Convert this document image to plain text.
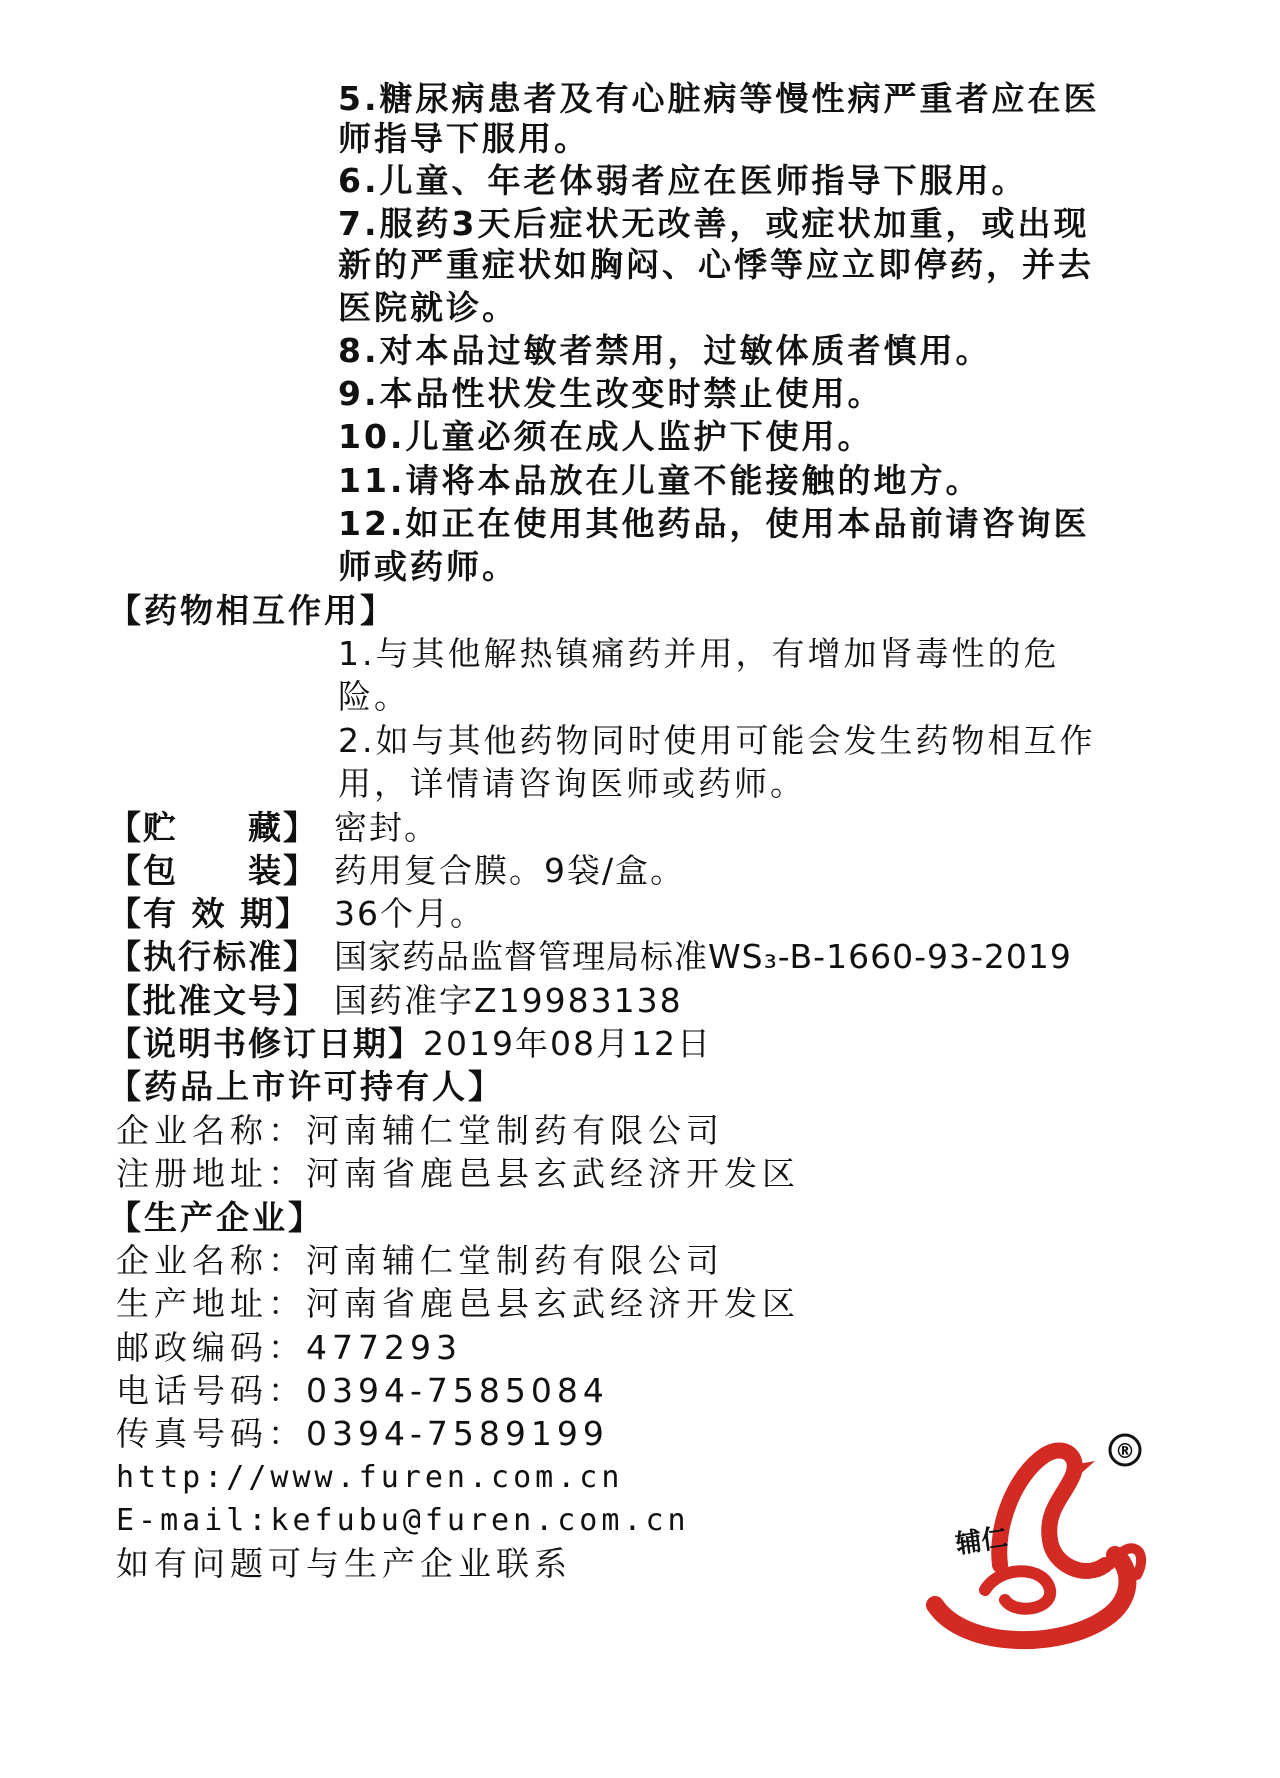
5.糖尿病患者及有心脏病等慢性病严重者应在医
师指导下服用。
6.儿童、年老体弱者应在医师指导下服用。
7.服药3天后症状无改善，或症状加重，或出现
新的严重症状如胸闷、心悸等应立即停药，并去
医院就诊。
8.对本品过敏者禁用，过敏体质者慎用。
9.本品性状发生改变时禁止使用。
10.儿童必须在成人监护下使用。
11.请将本品放在儿童不能接触的地方。
12.如正在使用其他药品，使用本品前请咨询医
师或药师。
【药物相互作用】
1.与其他解热镇痛药并用，有增加肾毒性的危
险。
2.如与其他药物同时使用可能会发生药物相互作
用，详情请咨询医师或药师。
【贮　　藏】 密封。
【包　　装】 药用复合膜。9袋/盒。
【有 效 期】 36个月。
【执行标准】 国家药品监督管理局标准WS₃-B-1660-93-2019
【批准文号】 国药准字Z19983138
【说明书修订日期】2019年08月12日
【药品上市许可持有人】
企业名称：河南辅仁堂制药有限公司
注册地址：河南省鹿邑县玄武经济开发区
【生产企业】
企业名称：河南辅仁堂制药有限公司
生产地址：河南省鹿邑县玄武经济开发区
邮政编码：477293
电话号码：0394-7585084
传真号码：0394-7589199
http://www.furen.com.cn
E-mail:kefubu@furen.com.cn
如有问题可与生产企业联系
®
辅仁
